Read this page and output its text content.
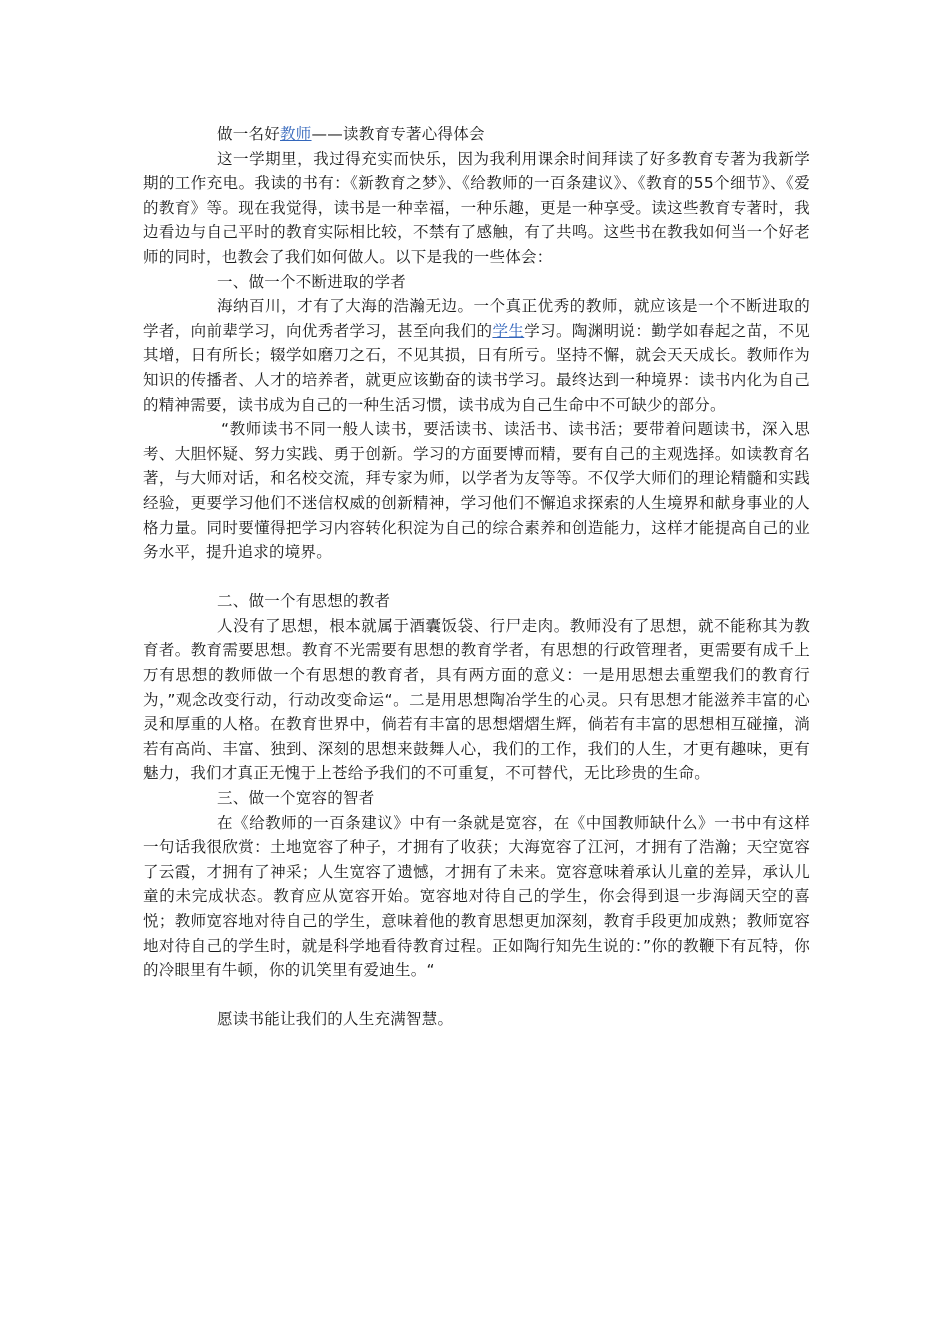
做一名好教师——读教育专著心得体会

这一学期里，我过得充实而快乐，因为我利用课余时间拜读了好多教育专著为我新学期的工作充电。我读的书有：《新教育之梦》、《给教师的一百条建议》、《教育的55个细节》、《爱的教育》等。现在我觉得，读书是一种幸福，一种乐趣，更是一种享受。读这些教育专著时，我边看边与自己平时的教育实际相比较，不禁有了感触，有了共鸣。这些书在教我如何当一个好老师的同时，也教会了我们如何做人。以下是我的一些体会：

一、做一个不断进取的学者

海纳百川，才有了大海的浩瀚无边。一个真正优秀的教师，就应该是一个不断进取的学者，向前辈学习，向优秀者学习，甚至向我们的学生学习。陶渊明说：勤学如春起之苗，不见其增，日有所长；辍学如磨刀之石，不见其损，日有所亏。坚持不懈，就会天天成长。教师作为知识的传播者、人才的培养者，就更应该勤奋的读书学习。最终达到一种境界：读书内化为自己的精神需要，读书成为自己的一种生活习惯，读书成为自己生命中不可缺少的部分。

“教师读书不同一般人读书，要活读书、读活书、读书活；要带着问题读书，深入思考、大胆怀疑、努力实践、勇于创新。学习的方面要博而精，要有自己的主观选择。如读教育名著，与大师对话，和名校交流，拜专家为师，以学者为友等等。不仅学大师们的理论精髓和实践经验，更要学习他们不迷信权威的创新精神，学习他们不懈追求探索的人生境界和献身事业的人格力量。同时要懂得把学习内容转化积淀为自己的综合素养和创造能力，这样才能提高自己的业务水平，提升追求的境界。

二、做一个有思想的教者

人没有了思想，根本就属于酒囊饭袋、行尸走肉。教师没有了思想，就不能称其为教育者。教育需要思想。教育不光需要有思想的教育学者，有思想的行政管理者，更需要有成千上万有思想的教师做一个有思想的教育者，具有两方面的意义：一是用思想去重塑我们的教育行为，”观念改变行动，行动改变命运“。二是用思想陶冶学生的心灵。只有思想才能滋养丰富的心灵和厚重的人格。在教育世界中，倘若有丰富的思想熠熠生辉，倘若有丰富的思想相互碰撞，淌若有高尚、丰富、独到、深刻的思想来鼓舞人心，我们的工作，我们的人生，才更有趣味，更有魅力，我们才真正无愧于上苍给予我们的不可重复，不可替代，无比珍贵的生命。

三、做一个宽容的智者

在《给教师的一百条建议》中有一条就是宽容，在《中国教师缺什么》一书中有这样一句话我很欣赏：土地宽容了种子，才拥有了收获；大海宽容了江河，才拥有了浩瀚；天空宽容了云霞，才拥有了神采；人生宽容了遗憾，才拥有了未来。宽容意味着承认儿童的差异，承认儿童的未完成状态。教育应从宽容开始。宽容地对待自己的学生，你会得到退一步海阔天空的喜悦；教师宽容地对待自己的学生，意味着他的教育思想更加深刻，教育手段更加成熟；教师宽容地对待自己的学生时，就是科学地看待教育过程。正如陶行知先生说的：”你的教鞭下有瓦特，你的冷眼里有牛顿，你的讥笑里有爱迪生。“

愿读书能让我们的人生充满智慧。
